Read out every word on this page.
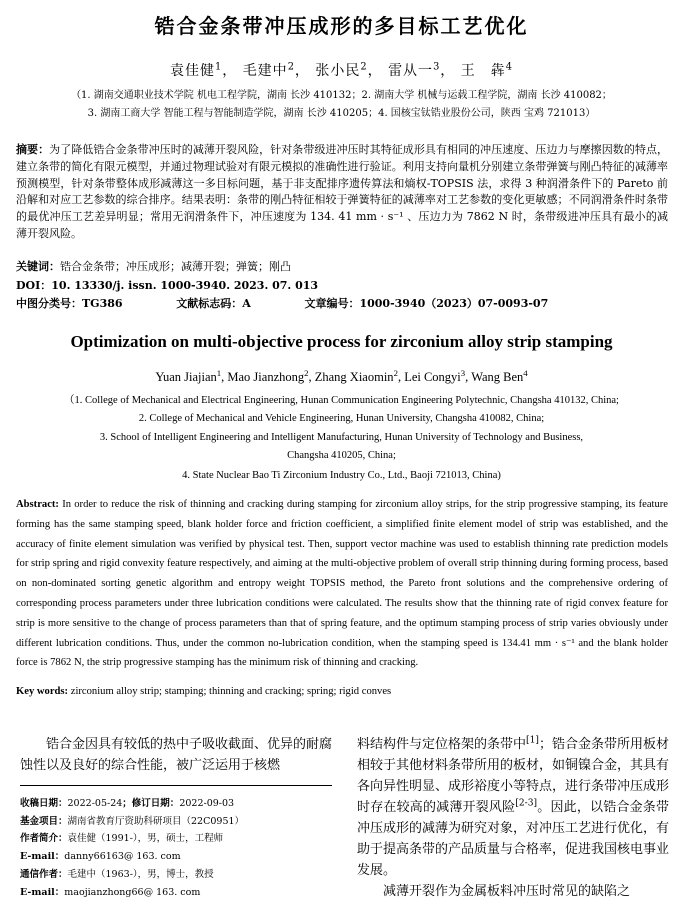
锆合金条带冲压成形的多目标工艺优化
袁佳健$^1$， 毛建中$^2$， 张小民$^2$， 雷从一$^3$， 王　犇$^4$
（1. 湖南交通职业技术学院 机电工程学院，湖南 长沙 410132；2. 湖南大学 机械与运载工程学院，湖南 长沙 410082；
3. 湖南工商大学 智能工程与智能制造学院，湖南 长沙 410205；4. 国核宝钛锆业股份公司，陕西 宝鸡 721013）

摘要：为了降低锆合金条带冲压时的减薄开裂风险，针对条带级进冲压时其特征成形具有相同的冲压速度、压边力与摩擦因数的特点，建立条带的简化有限元模型，并通过物理试验对有限元模拟的准确性进行验证。利用支持向量机分别建立条带弹簧与刚凸特征的减薄率预测模型，针对条带整体成形减薄这一多目标问题，基于非支配排序遗传算法和熵权-TOPSIS 法，求得 3 种润滑条件下的 Pareto 前沿解和对应工艺参数的综合排序。结果表明：条带的刚凸特征相较于弹簧特征的减薄率对工艺参数的变化更敏感；不同润滑条件时条带的最优冲压工艺差异明显；常用无润滑条件下，冲压速度为 134. 41 mm · s⁻¹ 、压边力为 7862 N 时，条带级进冲压具有最小的减薄开裂风险。

关键词：锆合金条带；冲压成形；减薄开裂；弹簧；刚凸
DOI：10. 13330/j. issn. 1000-3940. 2023. 07. 013
中图分类号：TG386	文献标志码：A	文章编号：1000-3940（2023）07-0093-07
Optimization on multi-objective process for zirconium alloy strip stamping
Yuan Jiajian$^1$, Mao Jianzhong$^2$, Zhang Xiaomin$^2$, Lei Congyi$^3$, Wang Ben$^4$
（1. College of Mechanical and Electrical Engineering, Hunan Communication Engineering Polytechnic, Changsha 410132, China;
2. College of Mechanical and Vehicle Engineering, Hunan University, Changsha 410082, China;
3. School of Intelligent Engineering and Intelligent Manufacturing, Hunan University of Technology and Business,
Changsha 410205, China;
4. State Nuclear Bao Ti Zirconium Industry Co., Ltd., Baoji 721013, China)

Abstract: In order to reduce the risk of thinning and cracking during stamping for zirconium alloy strips, for the strip progressive stamping, its feature forming has the same stamping speed, blank holder force and friction coefficient, a simplified finite element model of strip was established, and the accuracy of finite element simulation was verified by physical test. Then, support vector machine was used to establish thinning rate prediction models for strip spring and rigid convexity feature respectively, and aiming at the multi-objective problem of overall strip thinning during forming process, based on non-dominated sorting genetic algorithm and entropy weight TOPSIS method, the Pareto front solutions and the comprehensive ordering of corresponding process parameters under three lubrication conditions were calculated. The results show that the thinning rate of rigid convex feature for strip is more sensitive to the change of process parameters than that of spring feature, and the optimum stamping process of strip varies obviously under different lubrication conditions. Thus, under the common no-lubrication condition, when the stamping speed is 134.41 mm · s⁻¹ and the blank holder force is 7862 N, the strip progressive stamping has the minimum risk of thinning and cracking.

Key words: zirconium alloy strip; stamping; thinning and cracking; spring; rigid conves

锆合金因具有较低的热中子吸收截面、优异的耐腐蚀性以及良好的综合性能，被广泛运用于核燃

料结构件与定位格架的条带中[1]；锆合金条带所用板材相较于其他材料条带所用的板材，如铜镍合金，其具有各向异性明显、成形裕度小等特点，进行条带冲压成形时存在较高的减薄开裂风险[2-3]。因此，以锆合金条带冲压成形的减薄为研究对象，对冲压工艺进行优化，有助于提高条带的产品质量与合格率，促进我国核电事业发展。

减薄开裂作为金属板料冲压时常见的缺陷之

收稿日期：2022-05-24；修订日期：2022-09-03
基金项目：湖南省教育厅资助科研项目（22C0951）
作者简介：袁佳健（1991-），男，硕士，工程师
E-mail：danny66163@ 163. com
通信作者：毛建中（1963-），男，博士，教授
E-mail：maojianzhong66@ 163. com
